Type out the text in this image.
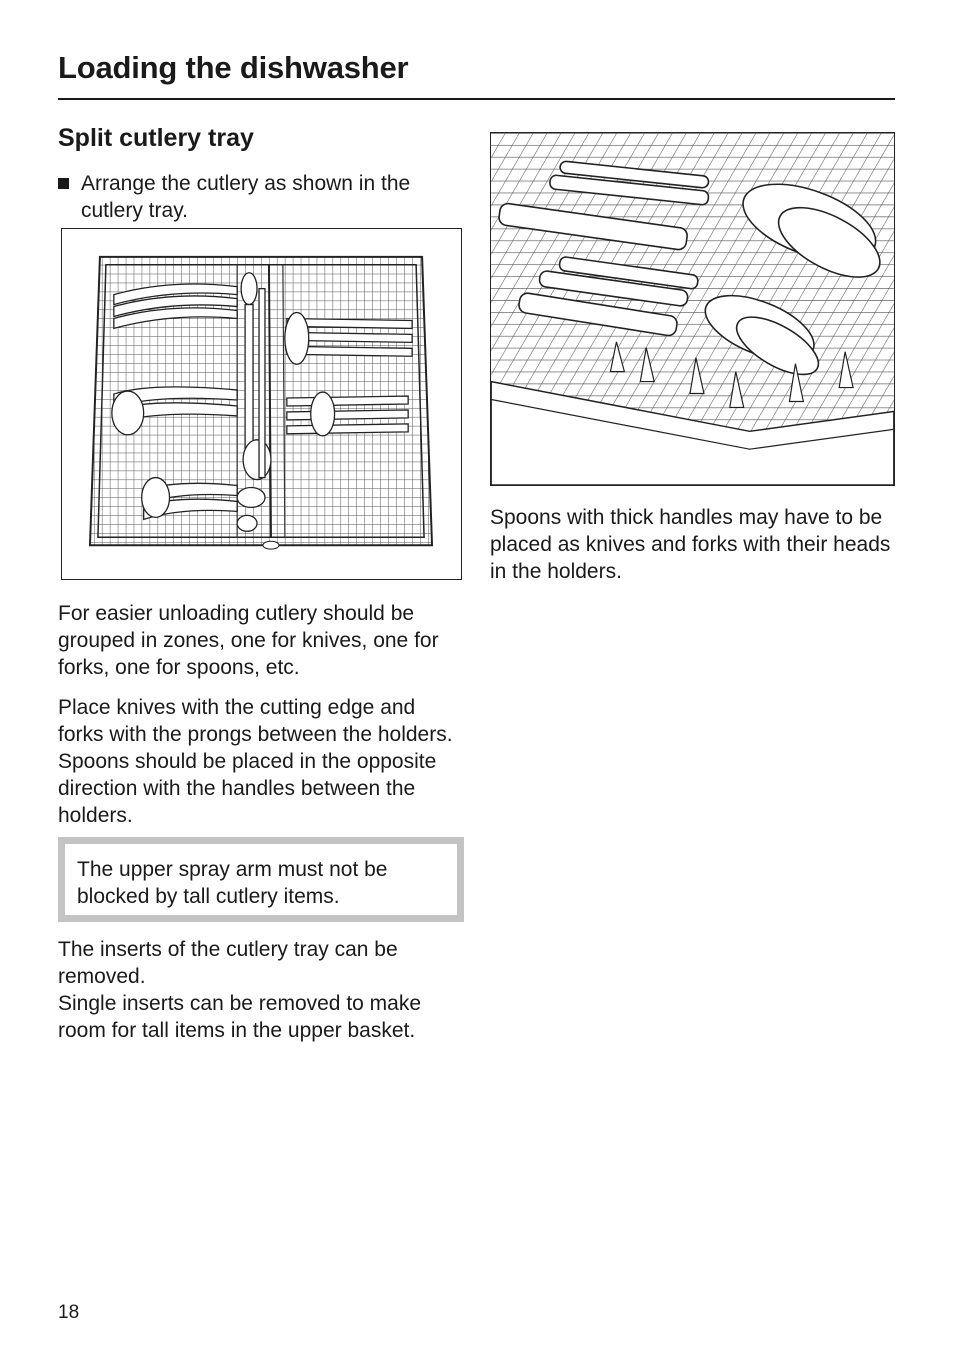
Loading the dishwasher
Split cutlery tray
Arrange the cutlery as shown in the cutlery tray.

Spoons with thick handles may have to be placed as knives and forks with their heads in the holders.

For easier unloading cutlery should be grouped in zones, one for knives, one for forks, one for spoons, etc.

Place knives with the cutting edge and forks with the prongs between the holders. Spoons should be placed in the opposite direction with the handles between the holders.

The upper spray arm must not be blocked by tall cutlery items.

The inserts of the cutlery tray can be removed.

Single inserts can be removed to make room for tall items in the upper basket.

18
